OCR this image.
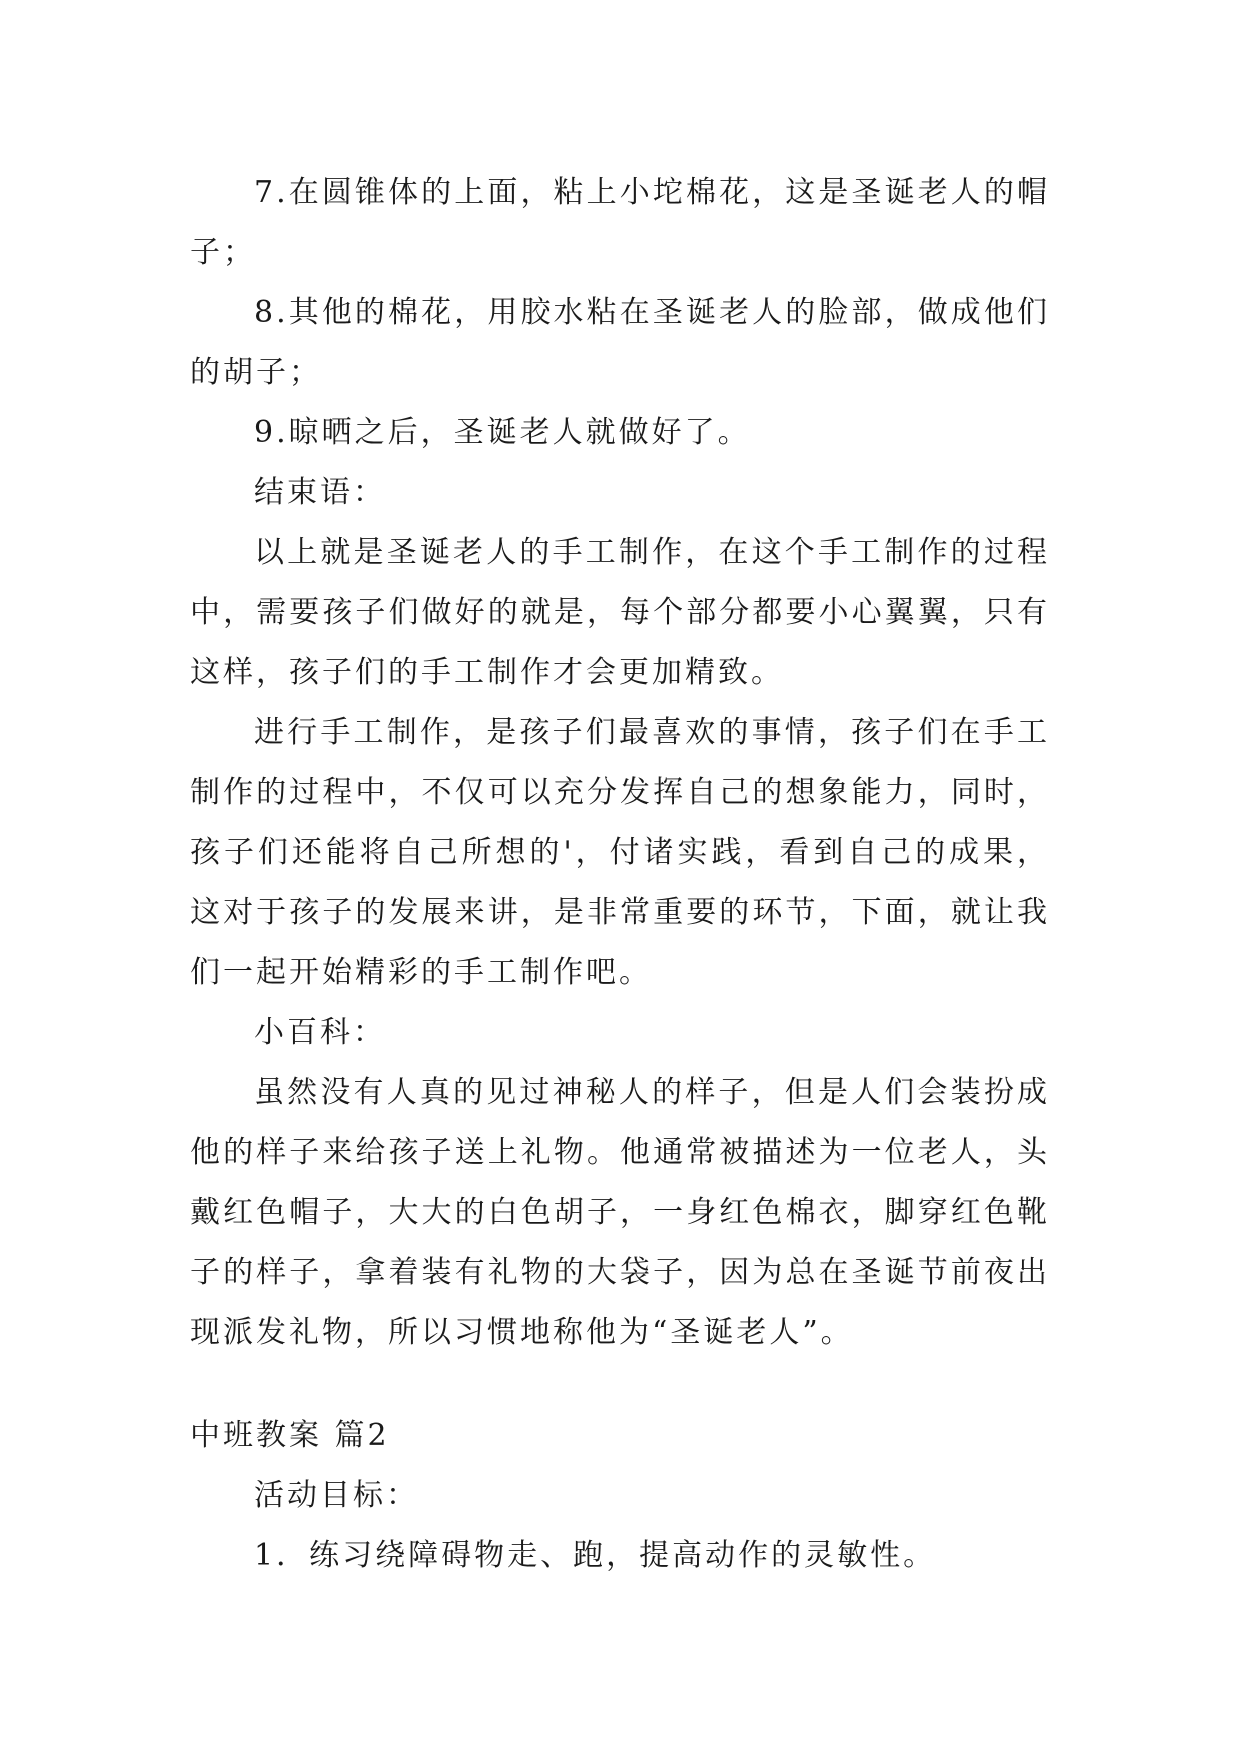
7.在圆锥体的上面，粘上小坨棉花，这是圣诞老人的帽子；

8.其他的棉花，用胶水粘在圣诞老人的脸部，做成他们的胡子；

9.晾晒之后，圣诞老人就做好了。

结束语：

以上就是圣诞老人的手工制作，在这个手工制作的过程中，需要孩子们做好的就是，每个部分都要小心翼翼，只有这样，孩子们的手工制作才会更加精致。

进行手工制作，是孩子们最喜欢的事情，孩子们在手工制作的过程中，不仅可以充分发挥自己的想象能力，同时，孩子们还能将自己所想的'，付诸实践，看到自己的成果，这对于孩子的发展来讲，是非常重要的环节，下面，就让我们一起开始精彩的手工制作吧。

小百科：

虽然没有人真的见过神秘人的样子，但是人们会装扮成他的样子来给孩子送上礼物。他通常被描述为一位老人，头戴红色帽子，大大的白色胡子，一身红色棉衣，脚穿红色靴子的样子，拿着装有礼物的大袋子，因为总在圣诞节前夜出现派发礼物，所以习惯地称他为“圣诞老人”。

中班教案 篇2

活动目标：

1．练习绕障碍物走、跑，提高动作的灵敏性。
